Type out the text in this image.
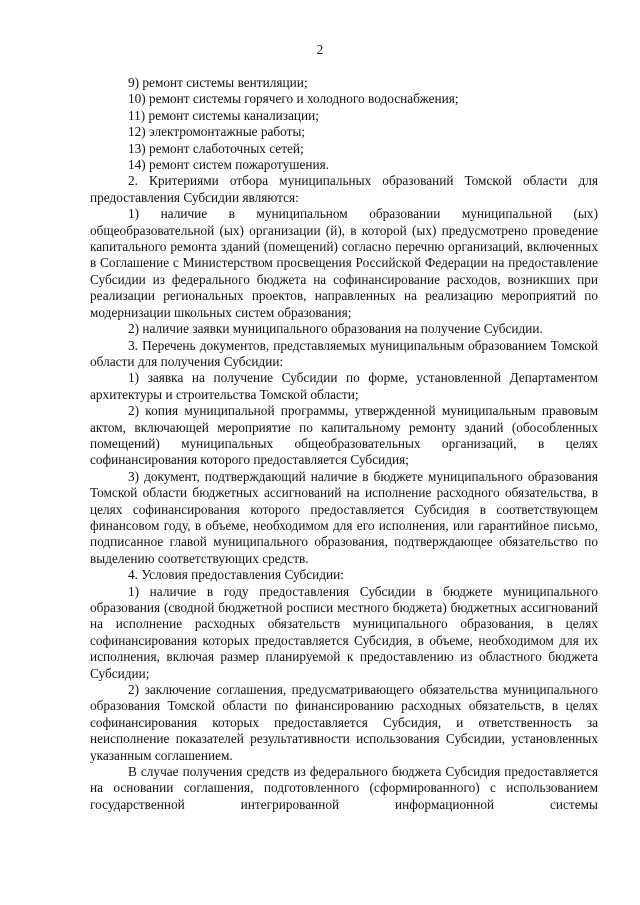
2

9) ремонт системы вентиляции;

10) ремонт системы горячего и холодного водоснабжения;

11) ремонт системы канализации;

12) электромонтажные работы;

13) ремонт слаботочных сетей;

14) ремонт систем пожаротушения.

2. Критериями отбора муниципальных образований Томской области для предоставления Субсидии являются:

1) наличие в муниципальном образовании муниципальной (ых) общеобразовательной (ых) организации (й), в которой (ых) предусмотрено проведение капитального ремонта зданий (помещений) согласно перечню организаций, включенных в Соглашение с Министерством просвещения Российской Федерации на предоставление Субсидии из федерального бюджета на софинансирование расходов, возникших при реализации региональных проектов, направленных на реализацию мероприятий по модернизации школьных систем образования;

2) наличие заявки муниципального образования на получение Субсидии.

3. Перечень документов, представляемых муниципальным образованием Томской области для получения Субсидии:

1) заявка на получение Субсидии по форме, установленной Департаментом архитектуры и строительства Томской области;

2) копия муниципальной программы, утвержденной муниципальным правовым актом, включающей мероприятие по капитальному ремонту зданий (обособленных помещений) муниципальных общеобразовательных организаций, в целях софинансирования которого предоставляется Субсидия;

3) документ, подтверждающий наличие в бюджете муниципального образования Томской области бюджетных ассигнований на исполнение расходного обязательства, в целях софинансирования которого предоставляется Субсидия в соответствующем финансовом году, в объеме, необходимом для его исполнения, или гарантийное письмо, подписанное главой муниципального образования, подтверждающее обязательство по выделению соответствующих средств.

4. Условия предоставления Субсидии:

1) наличие в году предоставления Субсидии в бюджете муниципального образования (сводной бюджетной росписи местного бюджета) бюджетных ассигнований на исполнение расходных обязательств муниципального образования, в целях софинансирования которых предоставляется Субсидия, в объеме, необходимом для их исполнения, включая размер планируемой к предоставлению из областного бюджета Субсидии;

2) заключение соглашения, предусматривающего обязательства муниципального образования Томской области по финансированию расходных обязательств, в целях софинансирования которых предоставляется Субсидия, и ответственность за неисполнение показателей результативности использования Субсидии, установленных указанным соглашением.

В случае получения средств из федерального бюджета Субсидия предоставляется на основании соглашения, подготовленного (сформированного) с использованием государственной интегрированной информационной системы
